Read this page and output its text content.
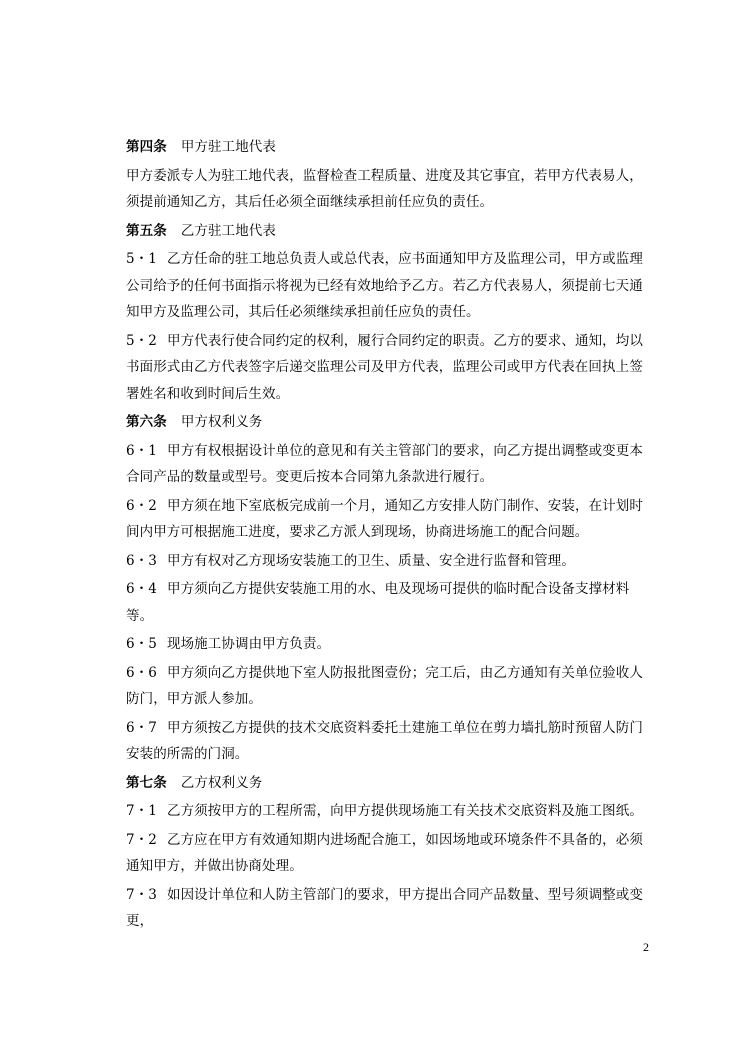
第四条 甲方驻工地代表

甲方委派专人为驻工地代表，监督检查工程质量、进度及其它事宜，若甲方代表易人，须提前通知乙方，其后任必须全面继续承担前任应负的责任。

第五条 乙方驻工地代表

5・1 乙方任命的驻工地总负责人或总代表，应书面通知甲方及监理公司，甲方或监理公司给予的任何书面指示将视为已经有效地给予乙方。若乙方代表易人，须提前七天通知甲方及监理公司，其后任必须继续承担前任应负的责任。

5・2 甲方代表行使合同约定的权利，履行合同约定的职责。乙方的要求、通知，均以书面形式由乙方代表签字后递交监理公司及甲方代表，监理公司或甲方代表在回执上签署姓名和收到时间后生效。

第六条 甲方权利义务

6・1 甲方有权根据设计单位的意见和有关主管部门的要求，向乙方提出调整或变更本合同产品的数量或型号。变更后按本合同第九条款进行履行。

6・2 甲方须在地下室底板完成前一个月，通知乙方安排人防门制作、安装，在计划时间内甲方可根据施工进度，要求乙方派人到现场，协商进场施工的配合问题。

6・3 甲方有权对乙方现场安装施工的卫生、质量、安全进行监督和管理。

6・4 甲方须向乙方提供安装施工用的水、电及现场可提供的临时配合设备支撑材料等。

6・5 现场施工协调由甲方负责。

6・6 甲方须向乙方提供地下室人防报批图壹份；完工后，由乙方通知有关单位验收人防门，甲方派人参加。

6・7 甲方须按乙方提供的技术交底资料委托土建施工单位在剪力墙扎筋时预留人防门安装的所需的门洞。

第七条 乙方权利义务

7・1 乙方须按甲方的工程所需，向甲方提供现场施工有关技术交底资料及施工图纸。

7・2 乙方应在甲方有效通知期内进场配合施工，如因场地或环境条件不具备的，必须通知甲方，并做出协商处理。

7・3 如因设计单位和人防主管部门的要求，甲方提出合同产品数量、型号须调整或变更，

2
